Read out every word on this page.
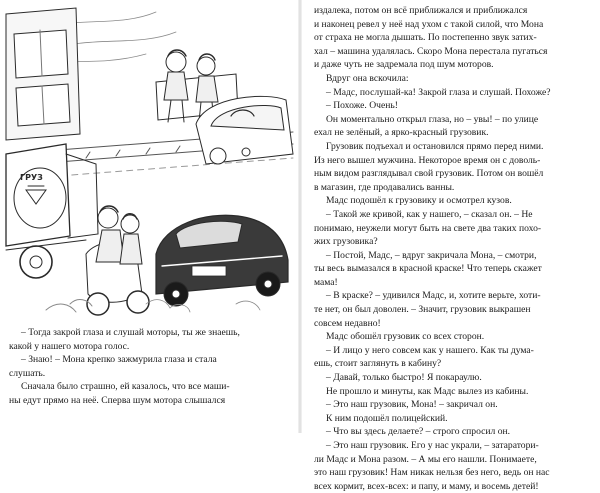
ГРУЗ

– Тогда закрой глаза и слушай моторы, ты же знаешь,

какой у нашего мотора голос.

– Знаю! – Мона крепко зажмурила глаза и стала

слушать.

Сначала было страшно, ей казалось, что все маши-

ны едут прямо на неё. Сперва шум мотора слышался

издалека, потом он всё приближался и приближался

и наконец ревел у неё над ухом с такой силой, что Мона

от страха не могла дышать. По постепенно звук затих-

хал – машина удалялась. Скоро Мона перестала пугаться

и даже чуть не задремала под шум моторов.

Вдруг она вскочила:

– Мадс, послушай-ка! Закрой глаза и слушай. Похоже?

– Похоже. Очень!

Он моментально открыл глаза, но – увы! – по улице

ехал не зелёный, а ярко-красный грузовик.

Грузовик подъехал и остановился прямо перед ними.

Из него вышел мужчина. Некоторое время он с доволь-

ным видом разглядывал свой грузовик. Потом он вошёл

в магазин, где продавались ванны.

Мадс подошёл к грузовику и осмотрел кузов.

– Такой же кривой, как у нашего, – сказал он. – Не

понимаю, неужели могут быть на свете два таких похо-

жих грузовика?

– Постой, Мадс, – вдруг закричала Мона, – смотри,

ты весь вымазался в красной краске! Что теперь скажет

мама!

– В краске? – удивился Мадс, и, хотите верьте, хоти-

те нет, он был доволен. – Значит, грузовик выкрашен

совсем недавно!

Мадс обошёл грузовик со всех сторон.

– И лицо у него совсем как у нашего. Как ты дума-

ешь, стоит заглянуть в кабину?

– Давай, только быстро! Я покараулю.

Не прошло и минуты, как Мадс вылез из кабины.

– Это наш грузовик, Мона! – закричал он.

К ним подошёл полицейский.

– Что вы здесь делаете? – строго спросил он.

– Это наш грузовик. Его у нас украли, – затаратори-

ли Мадс и Мона разом. – А мы его нашли. Понимаете,

это наш грузовик! Нам никак нельзя без него, ведь он нас

всех кормит, всех-всех: и папу, и маму, и восемь детей!
